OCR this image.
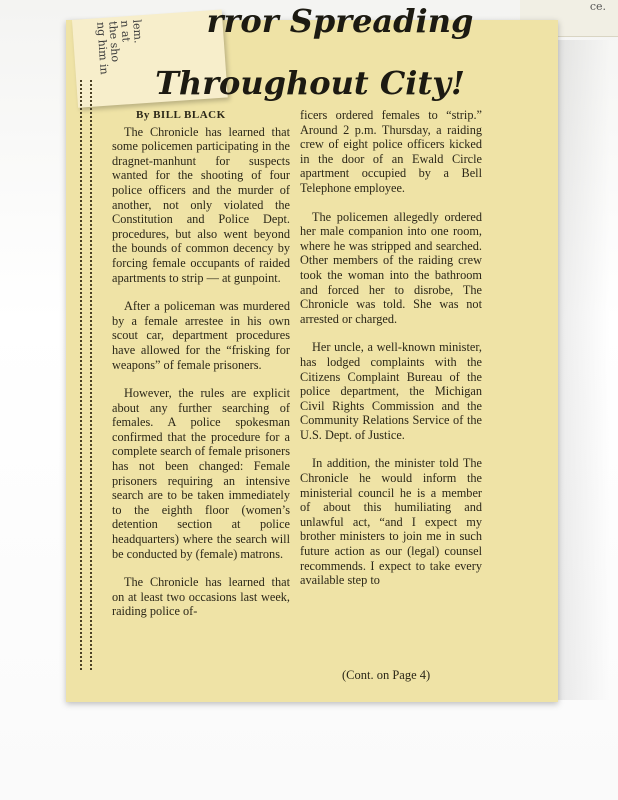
ce.
lem.
n at
the sho
ng him in
rror Spreading
Throughout City!
By BILL BLACK

The Chronicle has learned that some policemen participating in the dragnet-manhunt for suspects wanted for the shooting of four police officers and the murder of another, not only violated the Constitution and Police Dept. procedures, but also went beyond the bounds of common decency by forcing female occupants of raided apartments to strip — at gunpoint.

After a policeman was murdered by a female arrestee in his own scout car, department procedures have allowed for the “frisking for weapons” of female prisoners.

However, the rules are explicit about any further searching of females. A police spokesman confirmed that the procedure for a complete search of female prisoners has not been changed: Female prisoners requiring an intensive search are to be taken immediately to the eighth floor (women’s detention section at police headquarters) where the search will be conducted by (female) matrons.

The Chronicle has learned that on at least two occasions last week, raiding police of-

ficers ordered females to “strip.” Around 2 p.m. Thursday, a raiding crew of eight police officers kicked in the door of an Ewald Circle apartment occupied by a Bell Telephone employee.

The policemen allegedly ordered her male companion into one room, where he was stripped and searched. Other members of the raiding crew took the woman into the bathroom and forced her to disrobe, The Chronicle was told. She was not arrested or charged.

Her uncle, a well-known minister, has lodged complaints with the Citizens Complaint Bureau of the police department, the Michigan Civil Rights Commission and the Community Relations Service of the U.S. Dept. of Justice.

In addition, the minister told The Chronicle he would inform the ministerial council he is a member of about this humiliating and unlawful act, “and I expect my brother ministers to join me in such future action as our (legal) counsel recommends. I expect to take every available step to

(Cont. on Page 4)
